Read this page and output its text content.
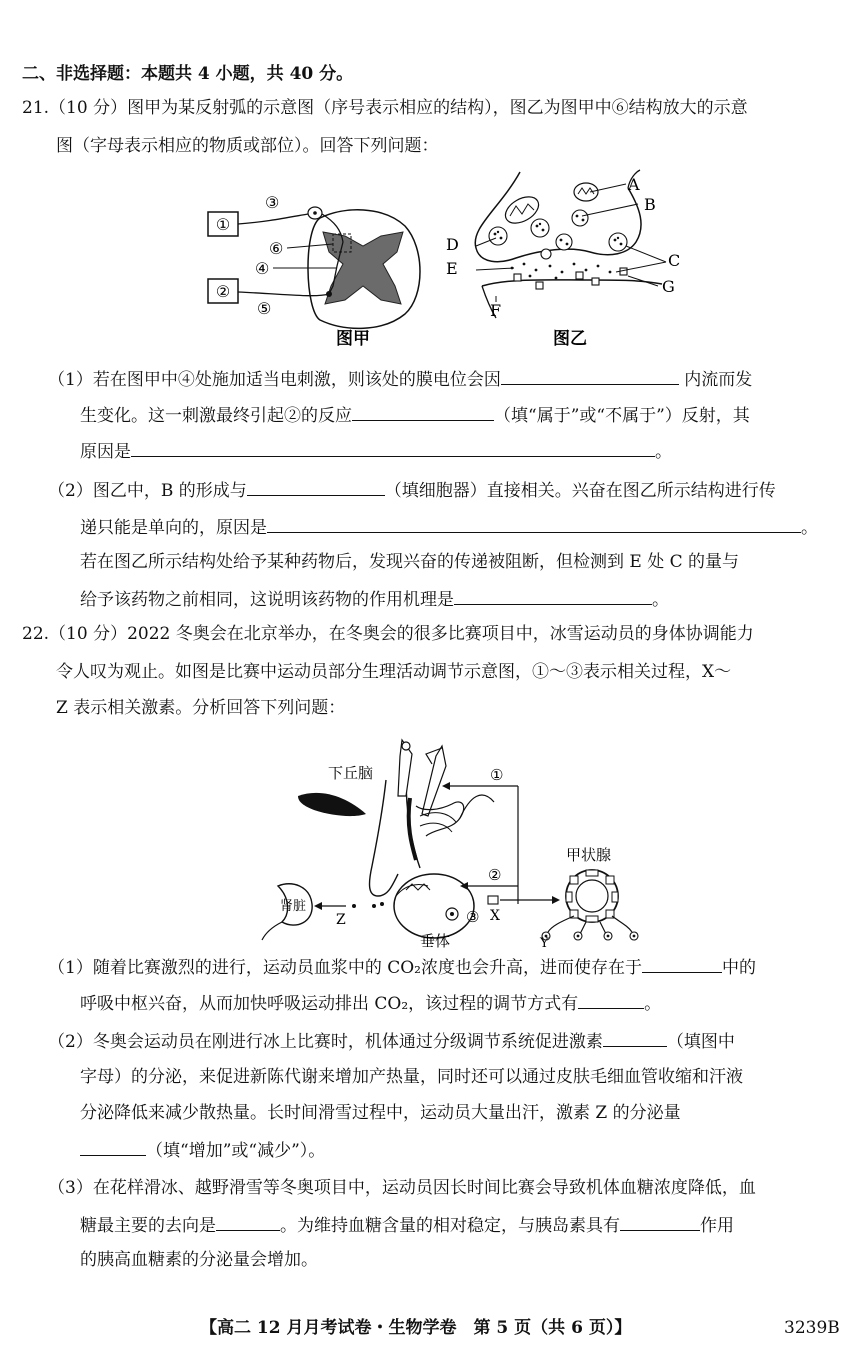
二、非选择题：本题共 4 小题，共 40 分。
21.（10 分）图甲为某反射弧的示意图（序号表示相应的结构），图乙为图甲中⑥结构放大的示意
图（字母表示相应的物质或部位）。回答下列问题：
①
②
③
⑥
④
⑤
图甲
A
B
D
E	C
G
F
图乙
（1）若在图甲中④处施加适当电刺激，则该处的膜电位会因	内流而发
生变化。这一刺激最终引起②的反应	（填“属于”或“不属于”）反射，其
原因是	。
（2）图乙中，B 的形成与	（填细胞器）直接相关。兴奋在图乙所示结构进行传
递只能是单向的，原因是	。
若在图乙所示结构处给予某种药物后，发现兴奋的传递被阻断，但检测到 E 处 C 的量与
给予该药物之前相同，这说明该药物的作用机理是	。
22.（10 分）2022 冬奥会在北京举办，在冬奥会的很多比赛项目中，冰雪运动员的身体协调能力
令人叹为观止。如图是比赛中运动员部分生理活动调节示意图，①～③表示相关过程，X～
Z 表示相关激素。分析回答下列问题：
下丘脑
垂体
Z
肾脏
①
②
③ X
甲状腺
Y
（1）随着比赛激烈的进行，运动员血浆中的 CO₂浓度也会升高，进而使存在于	中的
呼吸中枢兴奋，从而加快呼吸运动排出 CO₂，该过程的调节方式有	。
（2）冬奥会运动员在刚进行冰上比赛时，机体通过分级调节系统促进激素	（填图中
字母）的分泌，来促进新陈代谢来增加产热量，同时还可以通过皮肤毛细血管收缩和汗液
分泌降低来减少散热量。长时间滑雪过程中，运动员大量出汗，激素 Z 的分泌量
（填“增加”或“减少”）。
（3）在花样滑冰、越野滑雪等冬奥项目中，运动员因长时间比赛会导致机体血糖浓度降低，血
糖最主要的去向是	。为维持血糖含量的相对稳定，与胰岛素具有	作用
的胰高血糖素的分泌量会增加。
【高二 12 月月考试卷・生物学卷　第 5 页（共 6 页）】	3239B
